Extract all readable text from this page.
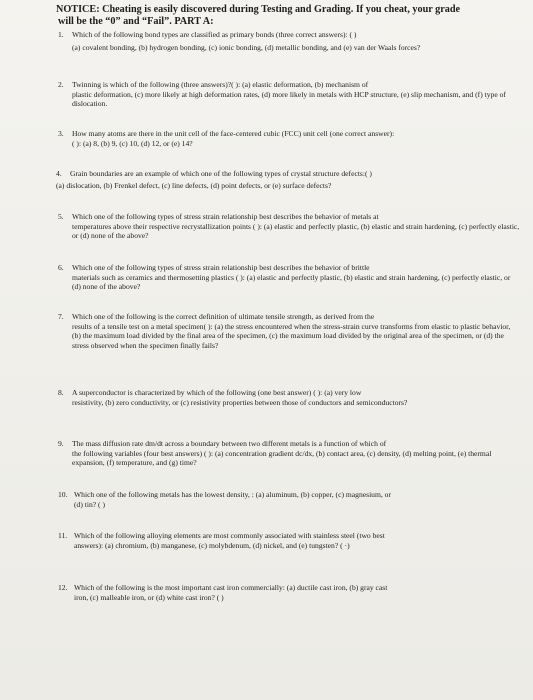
NOTICE: Cheating is easily discovered during Testing and Grading. If you cheat, your grade
will be the “0” and “Fail”. PART A:
1. Which of the following bond types are classified as primary bonds (three correct answers): ( )
(a) covalent bonding, (b) hydrogen bonding, (c) ionic bonding, (d) metallic bonding, and (e) van der Waals forces?
2. Twinning is which of the following (three answers)?( ): (a) elastic deformation, (b) mechanism of
plastic deformation, (c) more likely at high deformation rates, (d) more likely in metals with HCP structure, (e) slip mechanism, and (f) type of dislocation.
3. How many atoms are there in the unit cell of the face-centered cubic (FCC) unit cell (one correct answer):
( ): (a) 8, (b) 9, (c) 10, (d) 12, or (e) 14?
4. Grain boundaries are an example of which one of the following types of crystal structure defects:( )
(a) dislocation, (b) Frenkel defect, (c) line defects, (d) point defects, or (e) surface defects?
5. Which one of the following types of stress strain relationship best describes the behavior of metals at
temperatures above their respective recrystallization points ( ): (a) elastic and perfectly plastic, (b) elastic and strain hardening, (c) perfectly elastic, or (d) none of the above?
6. Which one of the following types of stress strain relationship best describes the behavior of brittle
materials such as ceramics and thermosetting plastics ( ): (a) elastic and perfectly plastic, (b) elastic and strain hardening, (c) perfectly elastic, or (d) none of the above?
7. Which one of the following is the correct definition of ultimate tensile strength, as derived from the
results of a tensile test on a metal specimen( ): (a) the stress encountered when the stress-strain curve transforms from elastic to plastic behavior, (b) the maximum load divided by the final area of the specimen, (c) the maximum load divided by the original area of the specimen, or (d) the stress observed when the specimen finally fails?
8. A superconductor is characterized by which of the following (one best answer) ( ): (a) very low
resistivity, (b) zero conductivity, or (c) resistivity properties between those of conductors and semiconductors?
9. The mass diffusion rate dm/dt across a boundary between two different metals is a function of which of
the following variables (four best answers) ( ): (a) concentration gradient dc/dx, (b) contact area, (c) density, (d) melting point, (e) thermal expansion, (f) temperature, and (g) time?
10. Which one of the following metals has the lowest density, : (a) aluminum, (b) copper, (c) magnesium, or
(d) tin? ( )
11. Which of the following alloying elements are most commonly associated with stainless steel (two best
answers): (a) chromium, (b) manganese, (c) molybdenum, (d) nickel, and (e) tungsten? ( ·)
12. Which of the following is the most important cast iron commercially: (a) ductile cast iron, (b) gray cast
iron, (c) malleable iron, or (d) white cast iron? ( )
